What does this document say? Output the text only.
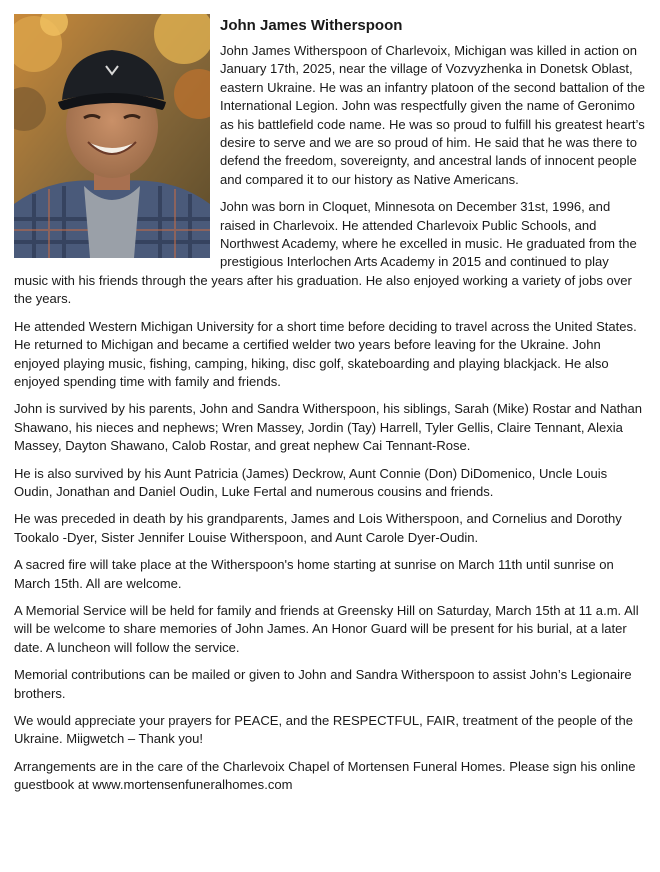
John James Witherspoon

John James Witherspoon of Charlevoix, Michigan was killed in action on January 17th, 2025, near the village of Vozvyzhenka in Donetsk Oblast, eastern Ukraine. He was an infantry platoon of the second battalion of the International Legion. John was respectfully given the name of Geronimo as his battlefield code name. He was so proud to fulfill his greatest heart’s desire to serve and we are so proud of him. He said that he was there to defend the freedom, sovereignty, and ancestral lands of innocent people and compared it to our history as Native Americans.

John was born in Cloquet, Minnesota on December 31st, 1996, and raised in Charlevoix. He attended Charlevoix Public Schools, and Northwest Academy, where he excelled in music. He graduated from the prestigious Interlochen Arts Academy in 2015 and continued to play music with his friends through the years after his graduation. He also enjoyed working a variety of jobs over the years.

He attended Western Michigan University for a short time before deciding to travel across the United States. He returned to Michigan and became a certified welder two years before leaving for the Ukraine. John enjoyed playing music, fishing, camping, hiking, disc golf, skateboarding and playing blackjack. He also enjoyed spending time with family and friends.

John is survived by his parents, John and Sandra Witherspoon, his siblings, Sarah (Mike) Rostar and Nathan Shawano, his nieces and nephews; Wren Massey, Jordin (Tay) Harrell, Tyler Gellis, Claire Tennant, Alexia Massey, Dayton Shawano, Calob Rostar, and great nephew Cai Tennant-Rose.

He is also survived by his Aunt Patricia (James) Deckrow, Aunt Connie (Don) DiDomenico, Uncle Louis Oudin, Jonathan and Daniel Oudin, Luke Fertal and numerous cousins and friends.

He was preceded in death by his grandparents, James and Lois Witherspoon, and Cornelius and Dorothy Tookalo -Dyer, Sister Jennifer Louise Witherspoon, and Aunt Carole Dyer-Oudin.

A sacred fire will take place at the Witherspoon's home starting at sunrise on March 11th until sunrise on March 15th. All are welcome.

A Memorial Service will be held for family and friends at Greensky Hill on Saturday, March 15th at 11 a.m. All will be welcome to share memories of John James. An Honor Guard will be present for his burial, at a later date. A luncheon will follow the service.

Memorial contributions can be mailed or given to John and Sandra Witherspoon to assist John’s Legionaire brothers.

We would appreciate your prayers for PEACE, and the RESPECTFUL, FAIR, treatment of the people of the Ukraine. Miigwetch – Thank you!

Arrangements are in the care of the Charlevoix Chapel of Mortensen Funeral Homes. Please sign his online guestbook at www.mortensenfuneralhomes.com
